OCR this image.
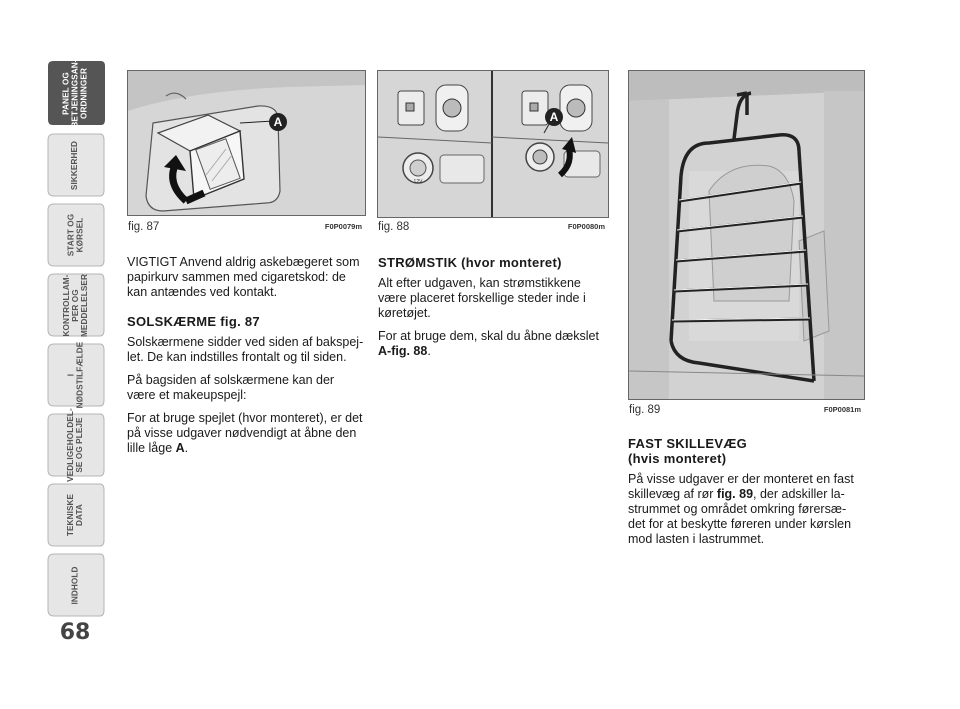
PANEL OG
BETJENINGSAN-
ORDNINGER
SIKKERHED
START OG
KØRSEL
KONTROLLAM-
PER OG
MEDDELELSER
I
NØDSTILFÆLDE
VEDLIGEHOLDEL-
SE OG PLEJE
TEKNISKE
DATA
INDHOLD
68
A
fig. 87	F0P0079m
12V
A
fig. 88	F0P0080m
fig. 89	F0P0081m

VIGTIGT Anvend aldrig askebægeret som papirkurv sammen med cigaretskod: de kan antændes ved kontakt.

SOLSKÆRME fig. 87

Solskærmene sidder ved siden af bakspej-let. De kan indstilles frontalt og til siden.

På bagsiden af solskærmene kan der være et makeupspejl:

For at bruge spejlet (hvor monteret), er det på visse udgaver nødvendigt at åbne den lille låge A.

STRØMSTIK (hvor monteret)

Alt efter udgaven, kan strømstikkene være placeret forskellige steder inde i køretøjet.

For at bruge dem, skal du åbne dækslet A-fig. 88.

FAST SKILLEVÆG
(hvis monteret)

På visse udgaver er der monteret en fast skillevæg af rør fig. 89, der adskiller la-strummet og området omkring førersæ-det for at beskytte føreren under kørslen mod lasten i lastrummet.
